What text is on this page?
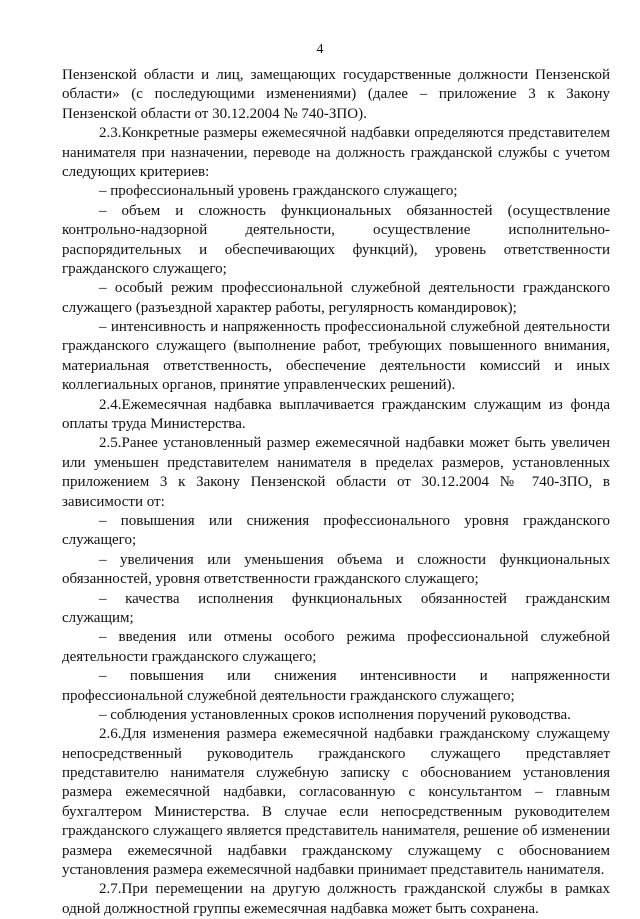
4
Пензенской области и лиц, замещающих государственные должности Пензенской
области» (с последующими изменениями) (далее – приложение 3 к Закону
Пензенской области от 30.12.2004 № 740-ЗПО).
2.3.Конкретные размеры ежемесячной надбавки определяются представителем
нанимателя при назначении, переводе на должность гражданской службы с учетом
следующих критериев:
– профессиональный уровень гражданского служащего;
– объем и сложность функциональных обязанностей (осуществление
контрольно-надзорной деятельности, осуществление исполнительно-
распорядительных и обеспечивающих функций), уровень ответственности
гражданского служащего;
– особый режим профессиональной служебной деятельности гражданского
служащего (разъездной характер работы, регулярность командировок);
– интенсивность и напряженность профессиональной служебной деятельности
гражданского служащего (выполнение работ, требующих повышенного внимания,
материальная ответственность, обеспечение деятельности комиссий и иных
коллегиальных органов, принятие управленческих решений).
2.4.Ежемесячная надбавка выплачивается гражданским служащим из фонда
оплаты труда Министерства.
2.5.Ранее установленный размер ежемесячной надбавки может быть увеличен
или уменьшен представителем нанимателя в пределах размеров, установленных
приложением 3 к Закону Пензенской области от 30.12.2004 № 740-ЗПО, в
зависимости от:
– повышения или снижения профессионального уровня гражданского
служащего;
– увеличения или уменьшения объема и сложности функциональных
обязанностей, уровня ответственности гражданского служащего;
– качества исполнения функциональных обязанностей гражданским
служащим;
– введения или отмены особого режима профессиональной служебной
деятельности гражданского служащего;
– повышения или снижения интенсивности и напряженности
профессиональной служебной деятельности гражданского служащего;
– соблюдения установленных сроков исполнения поручений руководства.
2.6.Для изменения размера ежемесячной надбавки гражданскому служащему
непосредственный руководитель гражданского служащего представляет
представителю нанимателя служебную записку с обоснованием установления
размера ежемесячной надбавки, согласованную с консультантом – главным
бухгалтером Министерства. В случае если непосредственным руководителем
гражданского служащего является представитель нанимателя, решение об изменении
размера ежемесячной надбавки гражданскому служащему с обоснованием
установления размера ежемесячной надбавки принимает представитель нанимателя.
2.7.При перемещении на другую должность гражданской службы в рамках
одной должностной группы ежемесячная надбавка может быть сохранена.
